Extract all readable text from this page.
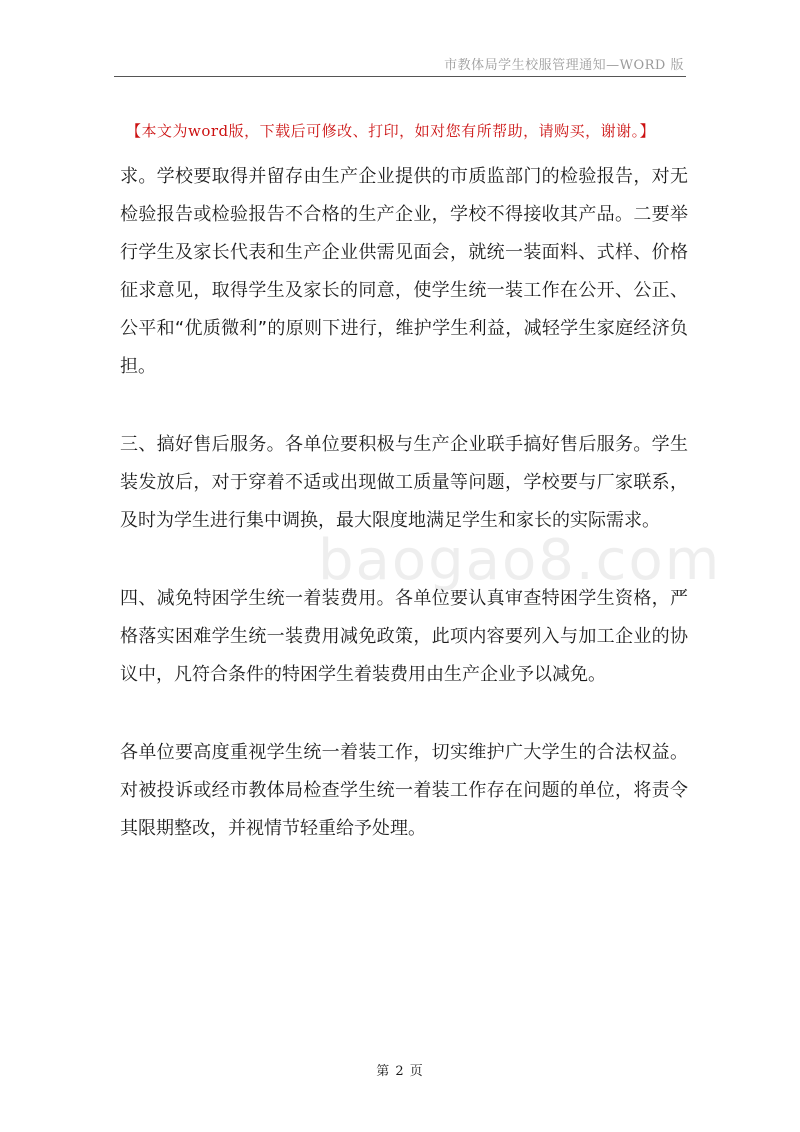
市教体局学生校服管理通知—WORD 版
【本文为word版，下载后可修改、打印，如对您有所帮助，请购买，谢谢。】
baogao8.com

求。学校要取得并留存由生产企业提供的市质监部门的检验报告，对无检验报告或检验报告不合格的生产企业，学校不得接收其产品。二要举行学生及家长代表和生产企业供需见面会，就统一装面料、式样、价格征求意见，取得学生及家长的同意，使学生统一装工作在公开、公正、公平和“优质微利”的原则下进行，维护学生利益，减轻学生家庭经济负担。

三、搞好售后服务。各单位要积极与生产企业联手搞好售后服务。学生装发放后，对于穿着不适或出现做工质量等问题，学校要与厂家联系，及时为学生进行集中调换，最大限度地满足学生和家长的实际需求。

四、减免特困学生统一着装费用。各单位要认真审查特困学生资格，严格落实困难学生统一装费用减免政策，此项内容要列入与加工企业的协议中，凡符合条件的特困学生着装费用由生产企业予以减免。

各单位要高度重视学生统一着装工作，切实维护广大学生的合法权益。对被投诉或经市教体局检查学生统一着装工作存在问题的单位，将责令其限期整改，并视情节轻重给予处理。

第 2 页
